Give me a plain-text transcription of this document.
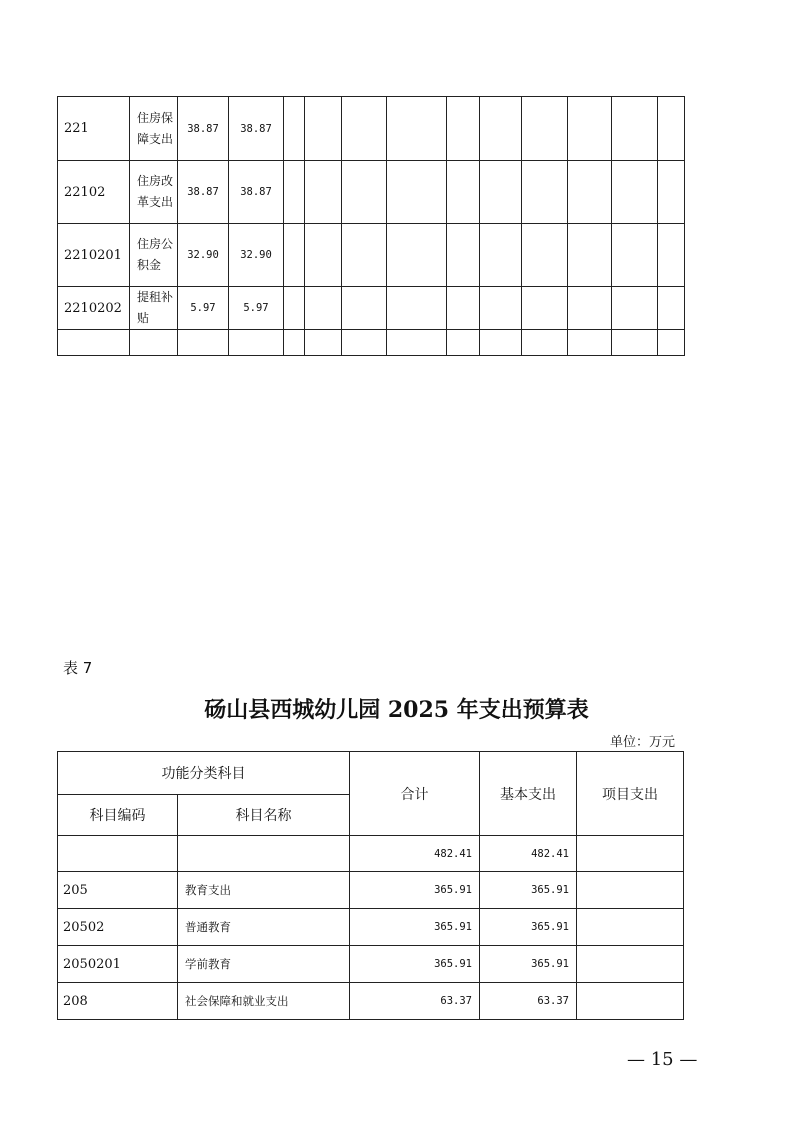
221	住房保障支出	38.87	38.87										
22102	住房改革支出	38.87	38.87										
2210201	住房公积金	32.90	32.90										
2210202	提租补贴	5.97	5.97										

表 7
砀山县西城幼儿园 2025 年支出预算表
单位：万元
功能分类科目		合计	基本支出	项目支出
科目编码	科目名称			
		482.41	482.41	
205	教育支出	365.91	365.91	
20502	普通教育	365.91	365.91	
2050201	学前教育	365.91	365.91	
208	社会保障和就业支出	63.37	63.37	
— 15 —
